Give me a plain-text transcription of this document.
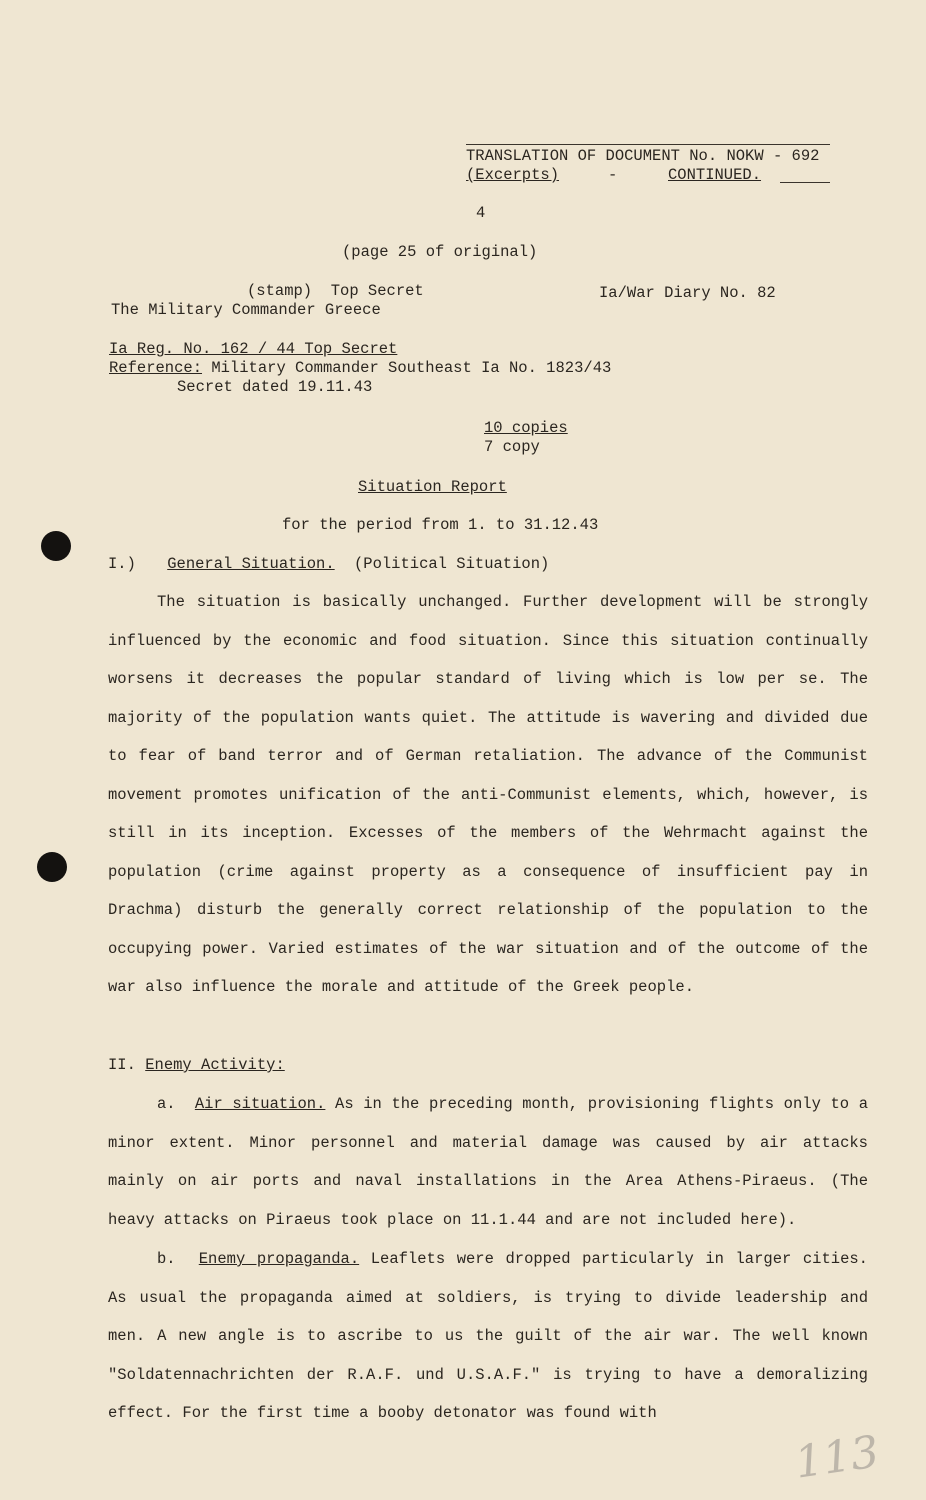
TRANSLATION OF DOCUMENT No. NOKW - 692
(Excerpts)	-	CONTINUED.
4
(page 25 of original)
(stamp)  Top Secret	Ia/War Diary No. 82
The Military Commander Greece
Ia Reg. No. 162 / 44 Top Secret
Reference: Military Commander Southeast Ia No. 1823/43
Secret dated 19.11.43
10 copies
7 copy
Situation Report
for the period from 1. to 31.12.43
I.) General Situation. (Political Situation)
The situation is basically unchanged. Further development will be strongly influenced by the economic and food situation. Since this situation continually worsens it decreases the popular standard of living which is low per se. The majority of the population wants quiet. The attitude is wavering and divided due to fear of band terror and of German retaliation. The advance of the Communist movement promotes unification of the anti-Communist elements, which, however, is still in its inception. Excesses of the members of the Wehrmacht against the population (crime against property as a consequence of insufficient pay in Drachma) disturb the generally correct relationship of the population to the occupying power. Varied estimates of the war situation and of the outcome of the war also influence the morale and attitude of the Greek people.
II. Enemy Activity:
a. Air situation. As in the preceding month, provisioning flights only to a minor extent. Minor personnel and material damage was caused by air attacks mainly on air ports and naval installations in the Area Athens-Piraeus. (The heavy attacks on Piraeus took place on 11.1.44 and are not included here).
b. Enemy propaganda. Leaflets were dropped particularly in larger cities. As usual the propaganda aimed at soldiers, is trying to divide leadership and men. A new angle is to ascribe to us the guilt of the air war. The well known "Soldatennachrichten der R.A.F. und U.S.A.F." is trying to have a demoralizing effect. For the first time a booby detonator was found with
113
